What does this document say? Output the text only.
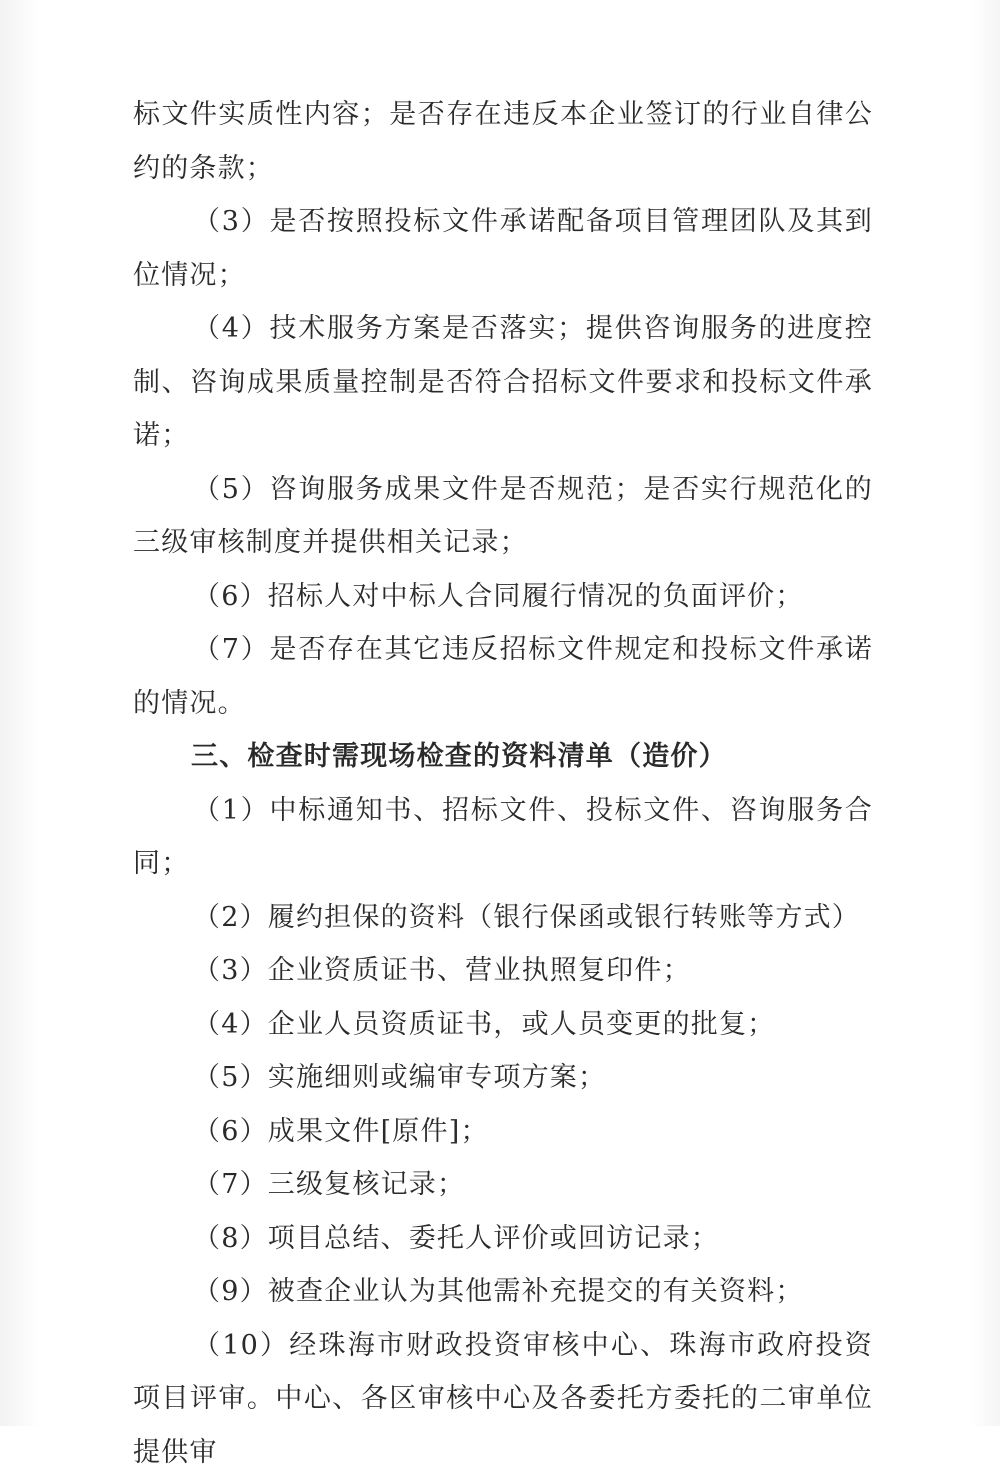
标文件实质性内容；是否存在违反本企业签订的行业自律公约的条款；

（3）是否按照投标文件承诺配备项目管理团队及其到位情况；

（4）技术服务方案是否落实；提供咨询服务的进度控制、咨询成果质量控制是否符合招标文件要求和投标文件承诺；

（5）咨询服务成果文件是否规范；是否实行规范化的三级审核制度并提供相关记录；

（6）招标人对中标人合同履行情况的负面评价；

（7）是否存在其它违反招标文件规定和投标文件承诺的情况。

三、检查时需现场检查的资料清单（造价）

（1）中标通知书、招标文件、投标文件、咨询服务合同；

（2）履约担保的资料（银行保函或银行转账等方式）

（3）企业资质证书、营业执照复印件；

（4）企业人员资质证书，或人员变更的批复；

（5）实施细则或编审专项方案；

（6）成果文件[原件]；

（7）三级复核记录；

（8）项目总结、委托人评价或回访记录；

（9）被查企业认为其他需补充提交的有关资料；

（10）经珠海市财政投资审核中心、珠海市政府投资项目评审。中心、各区审核中心及各委托方委托的二审单位提供审
